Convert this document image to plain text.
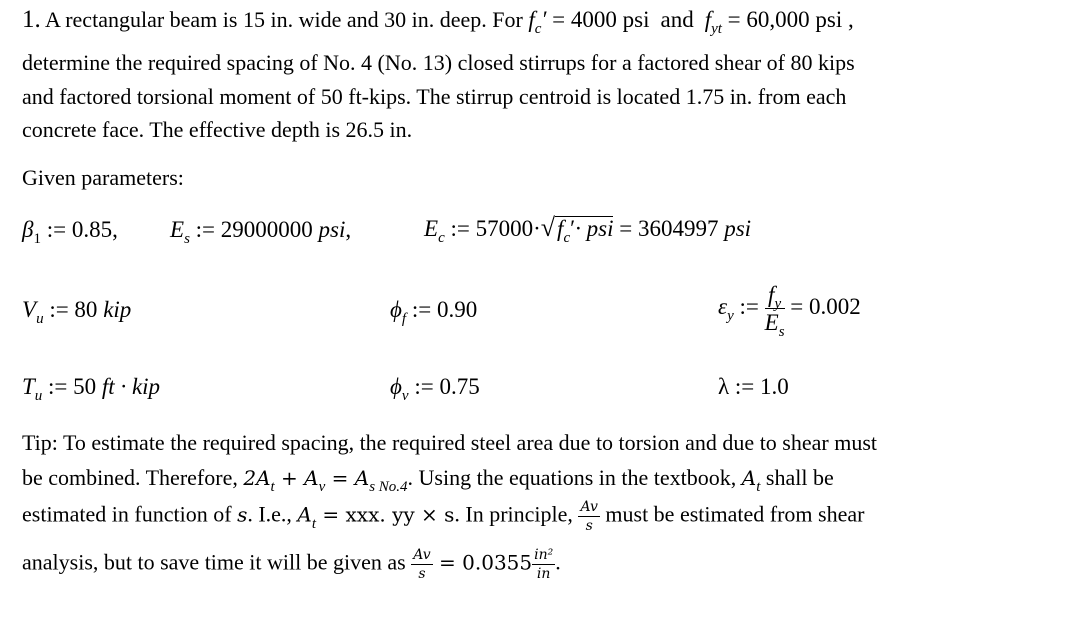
1. A rectangular beam is 15 in. wide and 30 in. deep. For $f_c' = 4000$ psi and $f_{yt} = 60,000$ psi ,
determine the required spacing of No. 4 (No. 13) closed stirrups for a factored shear of 80 kips
and factored torsional moment of 50 ft-kips. The stirrup centroid is located 1.75 in. from each
concrete face. The effective depth is 26.5 in.
Given parameters:
$\beta_1$ := 0.85, $E_s$ := 29000000 psi,	$E_c$ := $57000\cdot√f_c'\cdot$ psi = 3604997 psi
$V_u$ := 80 kip	$\phi_f$ := 0.90	$\varepsilon_y$ := $\frac{f_y}{E_s} = 0.002$
$T_u$ := 50 ft · kip	$\phi_v$ := 0.75	λ := 1.0
Tip: To estimate the required spacing, the required steel area due to torsion and due to shear must
be combined. Therefore, $2A_t + A_v = A_{s No.4}$. Using the equations in the textbook, $A_t$ shall be
estimated in function of s. I.e., $A_t$ = xxx. yy × s. In principle, $\frac{Av}{s}$ must be estimated from shear
analysis, but to save time it will be given as $\frac{Av}{s} = 0.0355 \frac{\text{in²}}{in}$ .
